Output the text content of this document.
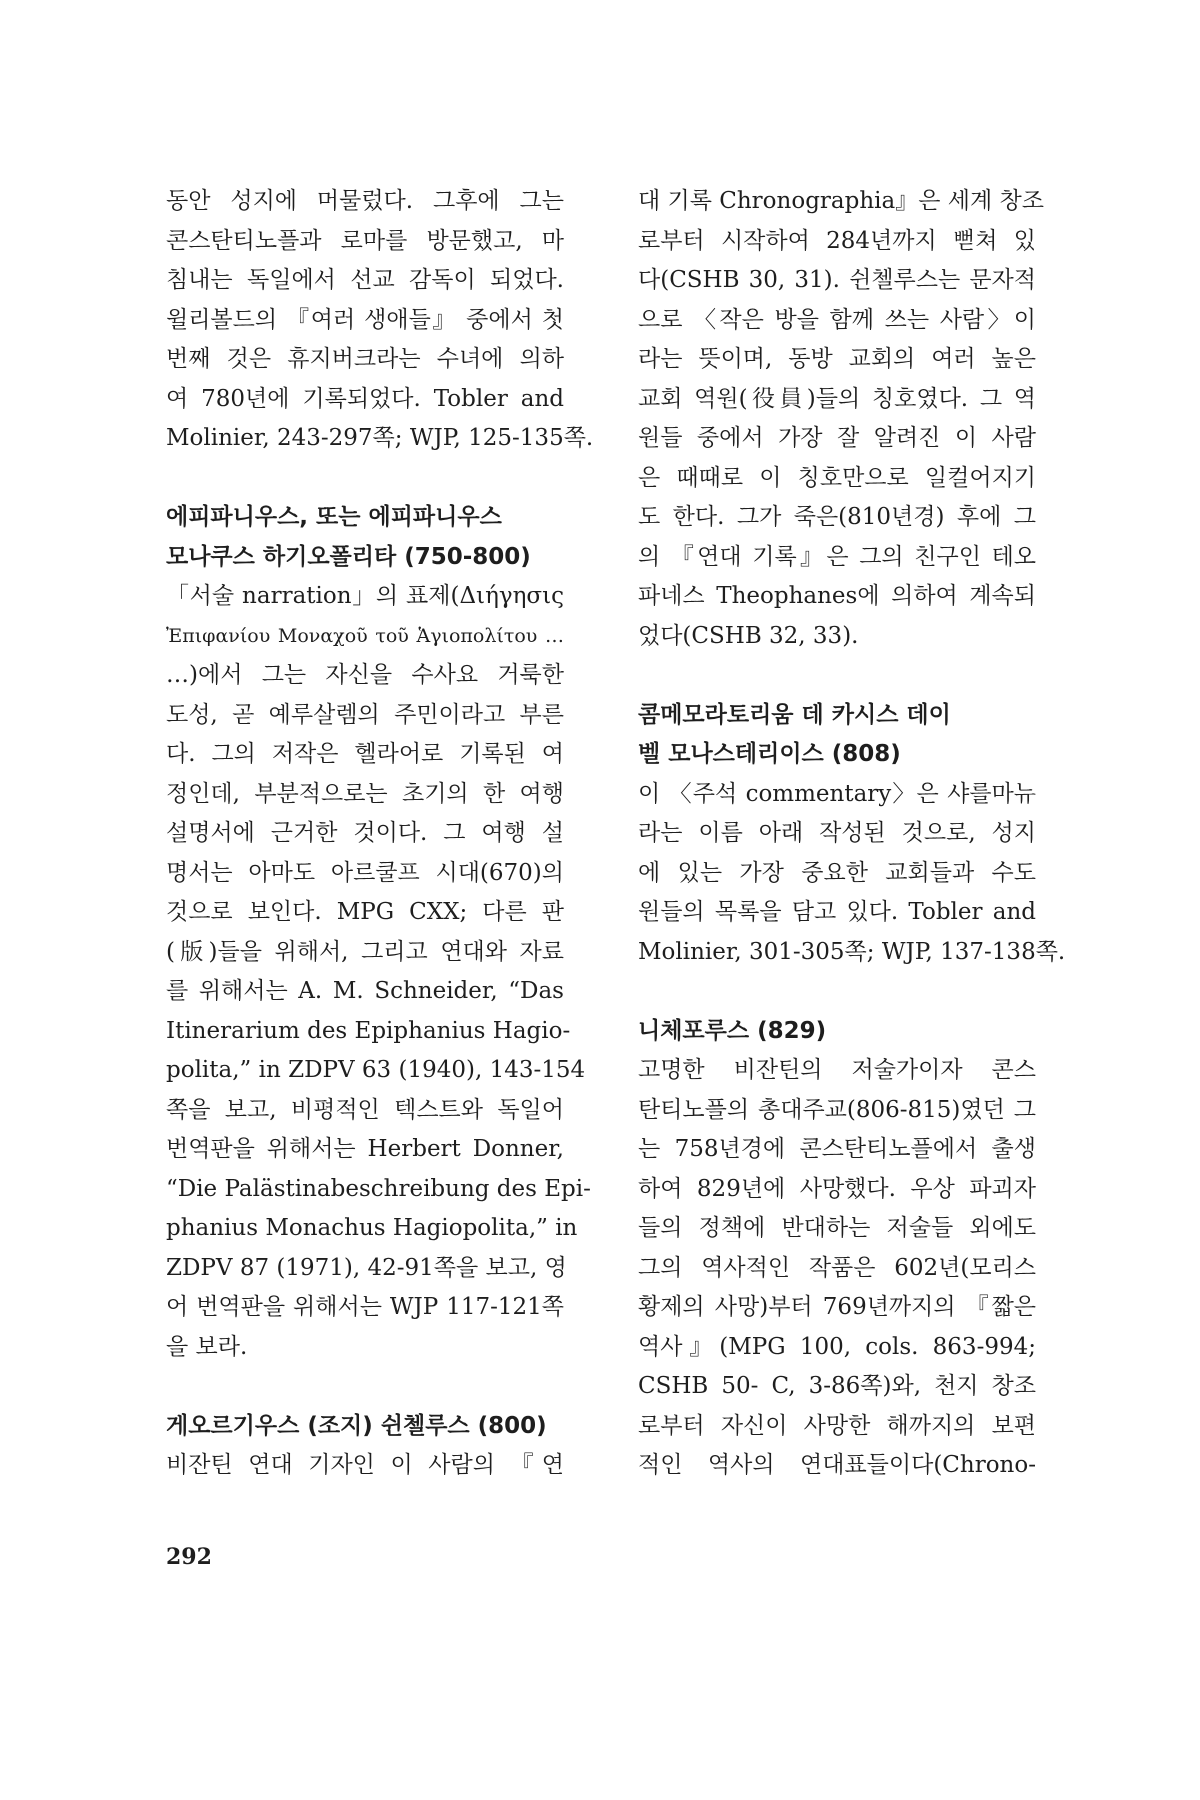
동안 성지에 머물렀다. 그후에 그는
콘스탄티노플과 로마를 방문했고, 마
침내는 독일에서 선교 감독이 되었다.
윌리볼드의 『여러 생애들』 중에서 첫
번째 것은 휴지버크라는 수녀에 의하
여 780년에 기록되었다. Tobler and
Molinier, 243-297쪽; WJP, 125-135쪽.
에피파니우스, 또는 에피파니우스
모나쿠스 하기오폴리타 (750-800)
「서술 narration」의 표제(Διήγησις
Ἐπιφανίου Μοναχοῦ τοῦ Ἁγιοπολίτου …
…)에서 그는 자신을 수사요 거룩한
도성, 곧 예루살렘의 주민이라고 부른
다. 그의 저작은 헬라어로 기록된 여
정인데, 부분적으로는 초기의 한 여행
설명서에 근거한 것이다. 그 여행 설
명서는 아마도 아르쿨프 시대(670)의
것으로 보인다. MPG CXX; 다른 판
(版)들을 위해서, 그리고 연대와 자료
를 위해서는 A. M. Schneider, “Das
Itinerarium des Epiphanius Hagio-
polita,” in ZDPV 63 (1940), 143-154
쪽을 보고, 비평적인 텍스트와 독일어
번역판을 위해서는 Herbert Donner,
“Die Palästinabeschreibung des Epi-
phanius Monachus Hagiopolita,” in
ZDPV 87 (1971), 42-91쪽을 보고, 영
어 번역판을 위해서는 WJP 117-121쪽
을 보라.
게오르기우스 (조지) 쉰첼루스 (800)
비잔틴 연대 기자인 이 사람의 『연
대 기록 Chronographia』은 세계 창조
로부터 시작하여 284년까지 뻗쳐 있
다(CSHB 30, 31). 쉰첼루스는 문자적
으로 〈작은 방을 함께 쓰는 사람〉이
라는 뜻이며, 동방 교회의 여러 높은
교회 역원(役員)들의 칭호였다. 그 역
원들 중에서 가장 잘 알려진 이 사람
은 때때로 이 칭호만으로 일컬어지기
도 한다. 그가 죽은(810년경) 후에 그
의 『연대 기록』은 그의 친구인 테오
파네스 Theophanes에 의하여 계속되
었다(CSHB 32, 33).
콤메모라토리움 데 카시스 데이
벨 모나스테리이스 (808)
이 〈주석 commentary〉은 샤를마뉴
라는 이름 아래 작성된 것으로, 성지
에 있는 가장 중요한 교회들과 수도
원들의 목록을 담고 있다. Tobler and
Molinier, 301-305쪽; WJP, 137-138쪽.
니체포루스 (829)
고명한 비잔틴의 저술가이자 콘스
탄티노플의 총대주교(806-815)였던 그
는 758년경에 콘스탄티노플에서 출생
하여 829년에 사망했다. 우상 파괴자
들의 정책에 반대하는 저술들 외에도
그의 역사적인 작품은 602년(모리스
황제의 사망)부터 769년까지의 『짧은
역사』(MPG 100, cols. 863-994;
CSHB 50- C, 3-86쪽)와, 천지 창조
로부터 자신이 사망한 해까지의 보편
적인 역사의 연대표들이다(Chrono-
292
